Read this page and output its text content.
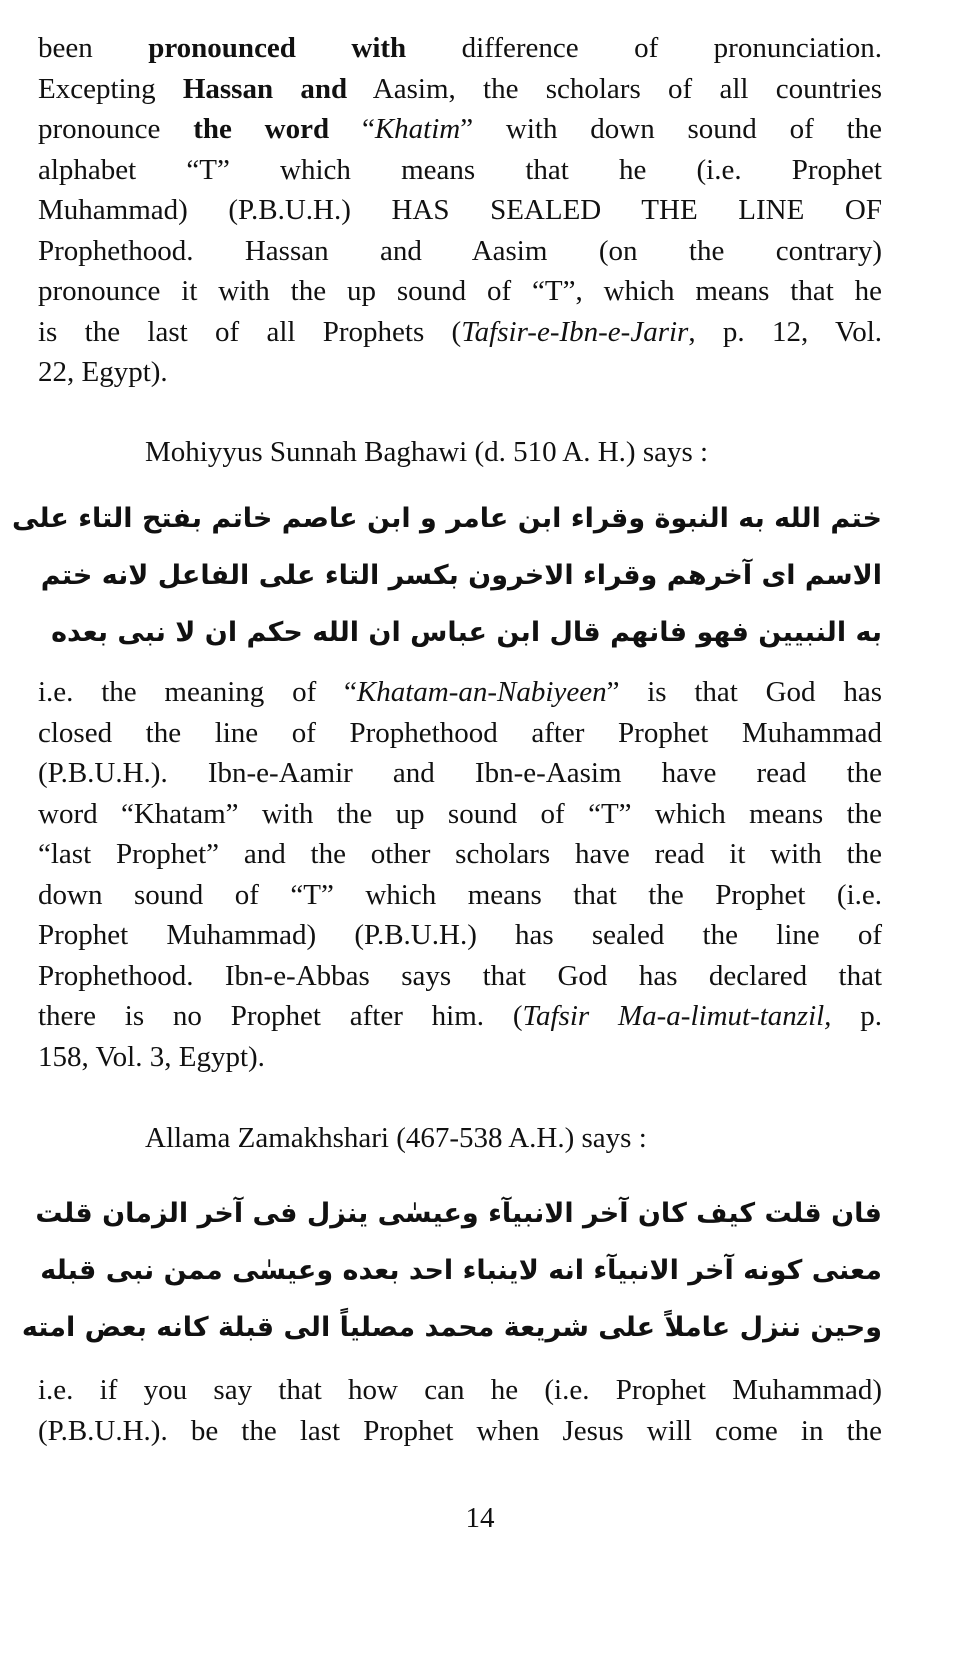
been pronounced with difference of pronunciation.
Excepting Hassan and Aasim, the scholars of all countries
pronounce the word “Khatim” with down sound of the
alphabet “T” which means that he (i.e. Prophet
Muhammad) (P.B.U.H.) HAS SEALED THE LINE OF
Prophethood. Hassan and Aasim (on the contrary)
pronounce it with the up sound of “T”, which means that he
is the last of all Prophets (Tafsir-e-Ibn-e-Jarir, p. 12, Vol.
22, Egypt).
Mohiyyus Sunnah Baghawi (d. 510 A. H.) says :
ختم الله به النبوة وقراء ابن عامر و ابن عاصم خاتم بفتح التاء على
الاسم اى آخرهم وقراء الاخرون بكسر التاء على الفاعل لانه ختم
به النبيين فهو فانهم قال ابن عباس ان الله حكم ان لا نبى بعده
i.e. the meaning of “Khatam-an-Nabiyeen” is that God has
closed the line of Prophethood after Prophet Muhammad
(P.B.U.H.). Ibn-e-Aamir and Ibn-e-Aasim have read the
word “Khatam” with the up sound of “T” which means the
“last Prophet” and the other scholars have read it with the
down sound of “T” which means that the Prophet (i.e.
Prophet Muhammad) (P.B.U.H.) has sealed the line of
Prophethood. Ibn-e-Abbas says that God has declared that
there is no Prophet after him. (Tafsir Ma-a-limut-tanzil, p.
158, Vol. 3, Egypt).
Allama Zamakhshari (467-538 A.H.) says :
فان قلت كيف كان آخر الانبيآء وعيسٰى ينزل فى آخر الزمان قلت
معنى كونه آخر الانبيآء انه لاينباء احد بعده وعيسٰى ممن نبى قبله
وحين ننزل عاملاً على شريعة محمد مصلياً الى قبلة كانه بعض امته
i.e. if you say that how can he (i.e. Prophet Muhammad)
(P.B.U.H.). be the last Prophet when Jesus will come in the
14
